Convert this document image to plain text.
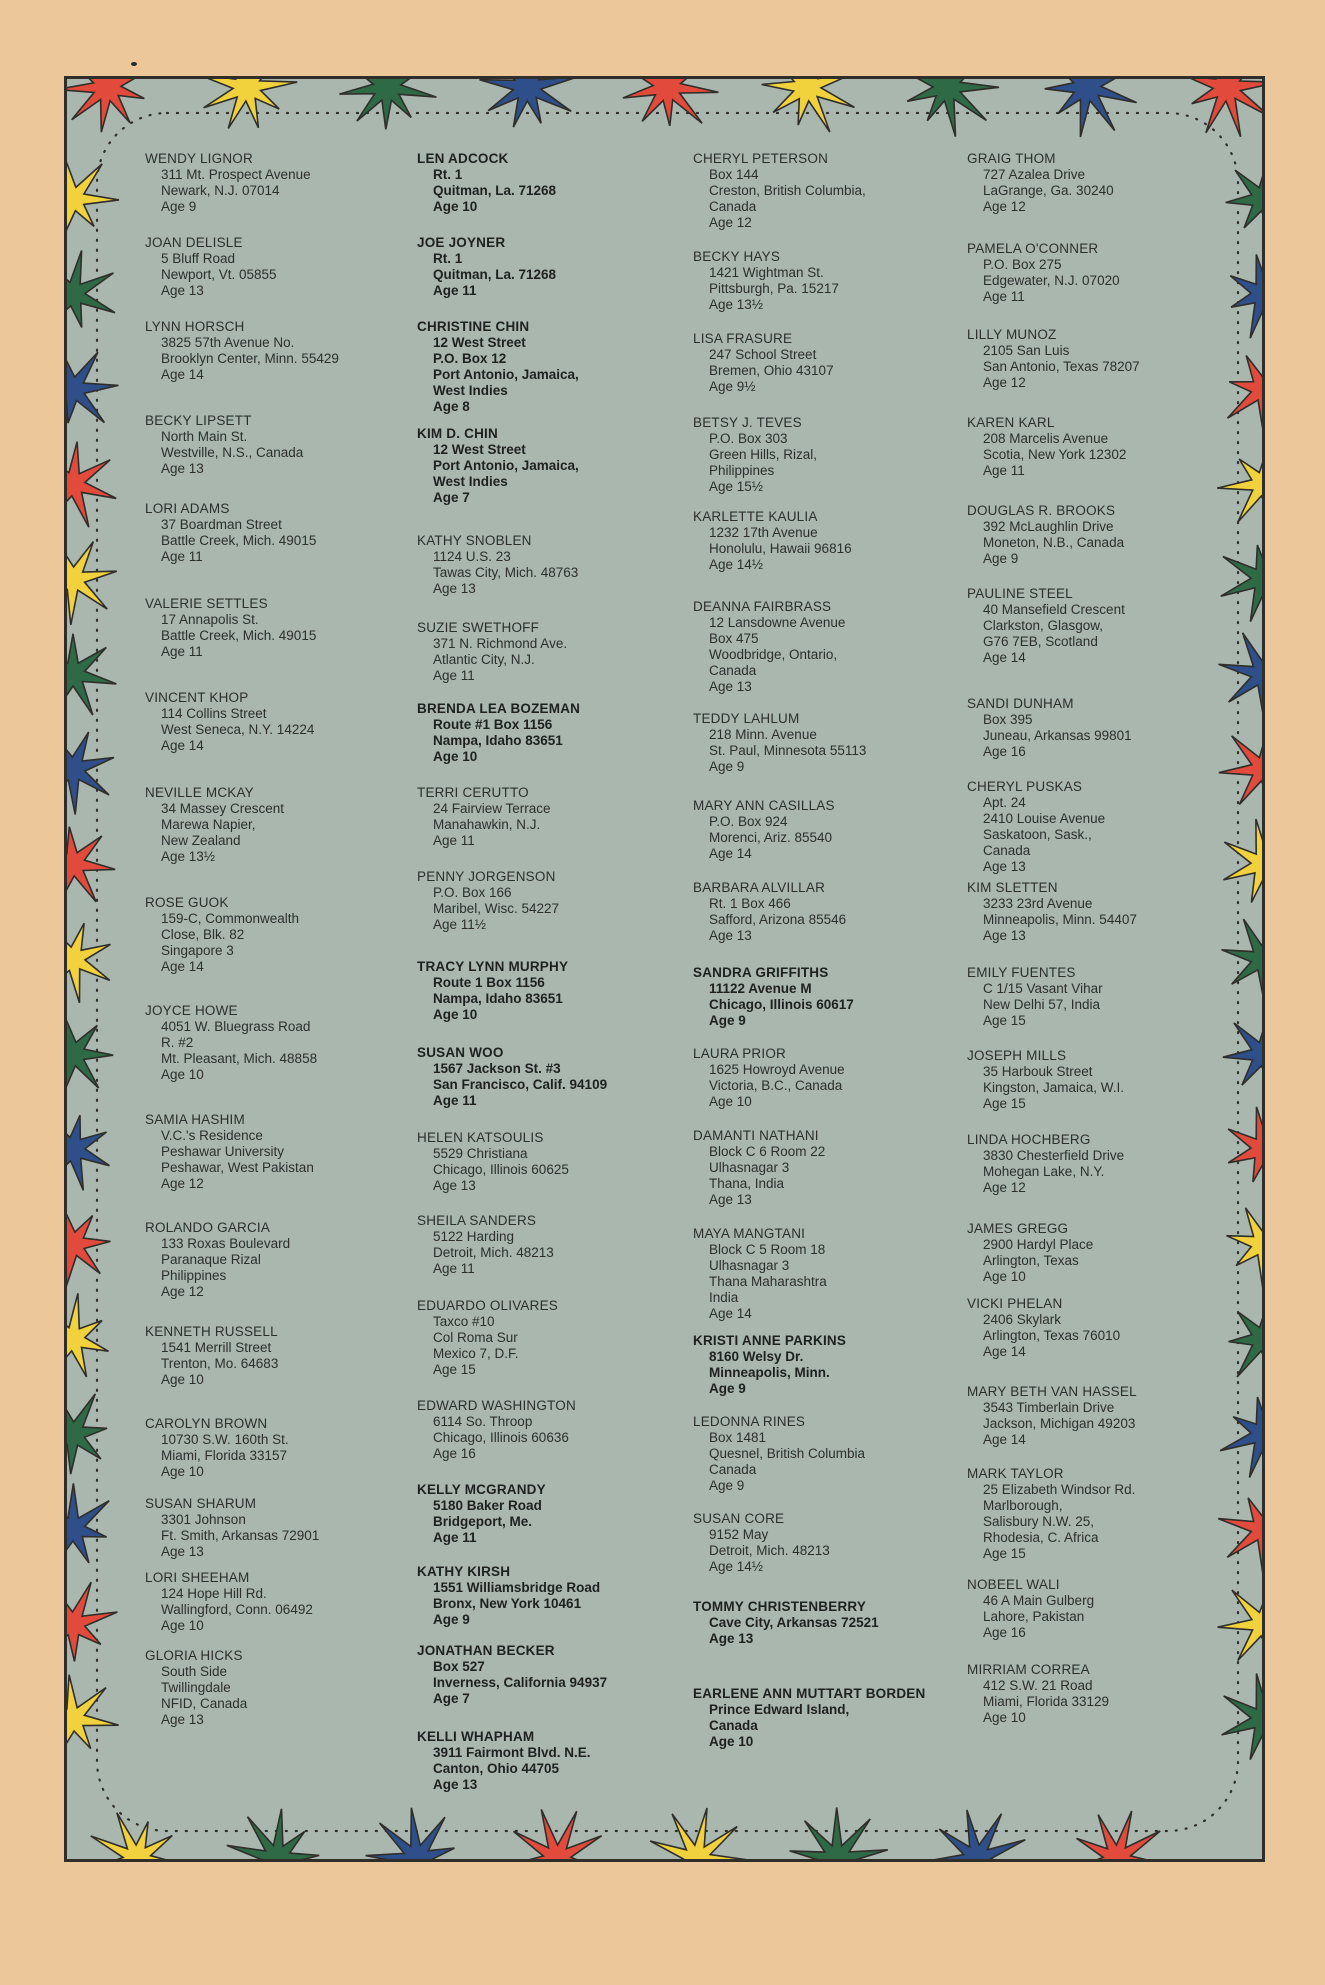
WENDY LIGNOR
311 Mt. Prospect Avenue
Newark, N.J. 07014
Age 9
JOAN DELISLE
5 Bluff Road
Newport, Vt. 05855
Age 13
LYNN HORSCH
3825 57th Avenue No.
Brooklyn Center, Minn. 55429
Age 14
BECKY LIPSETT
North Main St.
Westville, N.S., Canada
Age 13
LORI ADAMS
37 Boardman Street
Battle Creek, Mich. 49015
Age 11
VALERIE SETTLES
17 Annapolis St.
Battle Creek, Mich. 49015
Age 11
VINCENT KHOP
114 Collins Street
West Seneca, N.Y. 14224
Age 14
NEVILLE MCKAY
34 Massey Crescent
Marewa Napier,
New Zealand
Age 13½
ROSE GUOK
159-C, Commonwealth
Close, Blk. 82
Singapore 3
Age 14
JOYCE HOWE
4051 W. Bluegrass Road
R. #2
Mt. Pleasant, Mich. 48858
Age 10
SAMIA HASHIM
V.C.'s Residence
Peshawar University
Peshawar, West Pakistan
Age 12
ROLANDO GARCIA
133 Roxas Boulevard
Paranaque Rizal
Philippines
Age 12
KENNETH RUSSELL
1541 Merrill Street
Trenton, Mo. 64683
Age 10
CAROLYN BROWN
10730 S.W. 160th St.
Miami, Florida 33157
Age 10
SUSAN SHARUM
3301 Johnson
Ft. Smith, Arkansas 72901
Age 13
LORI SHEEHAM
124 Hope Hill Rd.
Wallingford, Conn. 06492
Age 10
GLORIA HICKS
South Side
Twillingdale
NFID, Canada
Age 13
LEN ADCOCK
Rt. 1
Quitman, La. 71268
Age 10
JOE JOYNER
Rt. 1
Quitman, La. 71268
Age 11
CHRISTINE CHIN
12 West Street
P.O. Box 12
Port Antonio, Jamaica,
West Indies
Age 8
KIM D. CHIN
12 West Street
Port Antonio, Jamaica,
West Indies
Age 7
KATHY SNOBLEN
1124 U.S. 23
Tawas City, Mich. 48763
Age 13
SUZIE SWETHOFF
371 N. Richmond Ave.
Atlantic City, N.J.
Age 11
BRENDA LEA BOZEMAN
Route #1 Box 1156
Nampa, Idaho 83651
Age 10
TERRI CERUTTO
24 Fairview Terrace
Manahawkin, N.J.
Age 11
PENNY JORGENSON
P.O. Box 166
Maribel, Wisc. 54227
Age 11½
TRACY LYNN MURPHY
Route 1 Box 1156
Nampa, Idaho 83651
Age 10
SUSAN WOO
1567 Jackson St. #3
San Francisco, Calif. 94109
Age 11
HELEN KATSOULIS
5529 Christiana
Chicago, Illinois 60625
Age 13
SHEILA SANDERS
5122 Harding
Detroit, Mich. 48213
Age 11
EDUARDO OLIVARES
Taxco #10
Col Roma Sur
Mexico 7, D.F.
Age 15
EDWARD WASHINGTON
6114 So. Throop
Chicago, Illinois 60636
Age 16
KELLY MCGRANDY
5180 Baker Road
Bridgeport, Me.
Age 11
KATHY KIRSH
1551 Williamsbridge Road
Bronx, New York 10461
Age 9
JONATHAN BECKER
Box 527
Inverness, California 94937
Age 7
KELLI WHAPHAM
3911 Fairmont Blvd. N.E.
Canton, Ohio 44705
Age 13
CHERYL PETERSON
Box 144
Creston, British Columbia,
Canada
Age 12
BECKY HAYS
1421 Wightman St.
Pittsburgh, Pa. 15217
Age 13½
LISA FRASURE
247 School Street
Bremen, Ohio 43107
Age 9½
BETSY J. TEVES
P.O. Box 303
Green Hills, Rizal,
Philippines
Age 15½
KARLETTE KAULIA
1232 17th Avenue
Honolulu, Hawaii 96816
Age 14½
DEANNA FAIRBRASS
12 Lansdowne Avenue
Box 475
Woodbridge, Ontario,
Canada
Age 13
TEDDY LAHLUM
218 Minn. Avenue
St. Paul, Minnesota 55113
Age 9
MARY ANN CASILLAS
P.O. Box 924
Morenci, Ariz. 85540
Age 14
BARBARA ALVILLAR
Rt. 1 Box 466
Safford, Arizona 85546
Age 13
SANDRA GRIFFITHS
11122 Avenue M
Chicago, Illinois 60617
Age 9
LAURA PRIOR
1625 Howroyd Avenue
Victoria, B.C., Canada
Age 10
DAMANTI NATHANI
Block C 6 Room 22
Ulhasnagar 3
Thana, India
Age 13
MAYA MANGTANI
Block C 5 Room 18
Ulhasnagar 3
Thana Maharashtra
India
Age 14
KRISTI ANNE PARKINS
8160 Welsy Dr.
Minneapolis, Minn.
Age 9
LEDONNA RINES
Box 1481
Quesnel, British Columbia
Canada
Age 9
SUSAN CORE
9152 May
Detroit, Mich. 48213
Age 14½
TOMMY CHRISTENBERRY
Cave City, Arkansas 72521
Age 13
EARLENE ANN MUTTART BORDEN
Prince Edward Island,
Canada
Age 10
GRAIG THOM
727 Azalea Drive
LaGrange, Ga. 30240
Age 12
PAMELA O'CONNER
P.O. Box 275
Edgewater, N.J. 07020
Age 11
LILLY MUNOZ
2105 San Luis
San Antonio, Texas 78207
Age 12
KAREN KARL
208 Marcelis Avenue
Scotia, New York 12302
Age 11
DOUGLAS R. BROOKS
392 McLaughlin Drive
Moneton, N.B., Canada
Age 9
PAULINE STEEL
40 Mansefield Crescent
Clarkston, Glasgow,
G76 7EB, Scotland
Age 14
SANDI DUNHAM
Box 395
Juneau, Arkansas 99801
Age 16
CHERYL PUSKAS
Apt. 24
2410 Louise Avenue
Saskatoon, Sask.,
Canada
Age 13
KIM SLETTEN
3233 23rd Avenue
Minneapolis, Minn. 54407
Age 13
EMILY FUENTES
C 1/15 Vasant Vihar
New Delhi 57, India
Age 15
JOSEPH MILLS
35 Harbouk Street
Kingston, Jamaica, W.I.
Age 15
LINDA HOCHBERG
3830 Chesterfield Drive
Mohegan Lake, N.Y.
Age 12
JAMES GREGG
2900 Hardyl Place
Arlington, Texas
Age 10
VICKI PHELAN
2406 Skylark
Arlington, Texas 76010
Age 14
MARY BETH VAN HASSEL
3543 Timberlain Drive
Jackson, Michigan 49203
Age 14
MARK TAYLOR
25 Elizabeth Windsor Rd.
Marlborough,
Salisbury N.W. 25,
Rhodesia, C. Africa
Age 15
NOBEEL WALI
46 A Main Gulberg
Lahore, Pakistan
Age 16
MIRRIAM CORREA
412 S.W. 21 Road
Miami, Florida 33129
Age 10
